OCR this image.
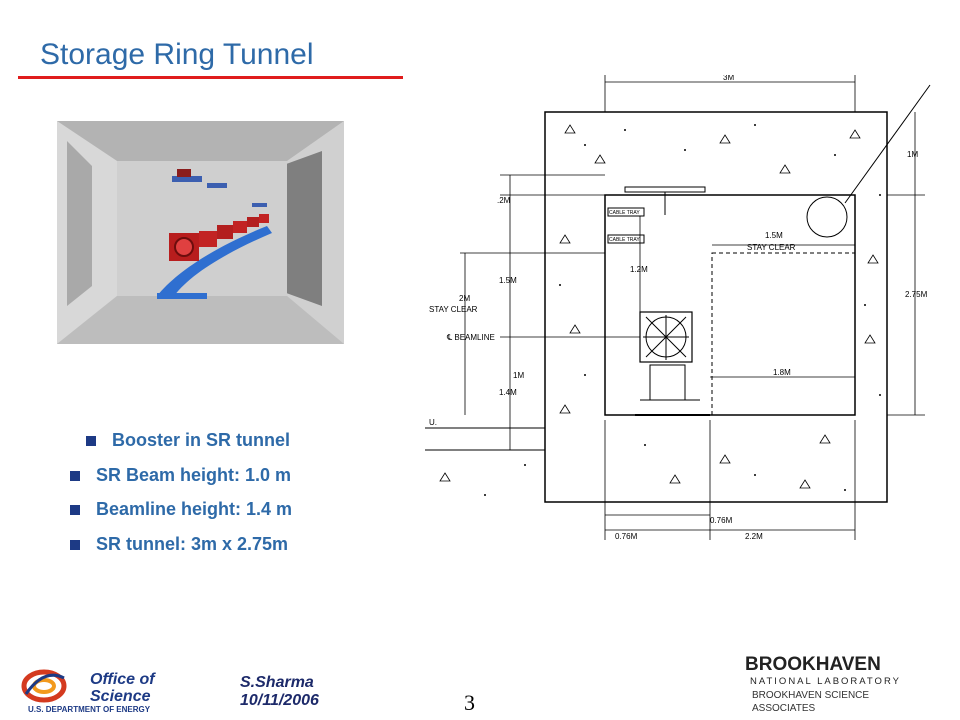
Storage Ring Tunnel
Booster in SR tunnel
SR Beam height: 1.0 m
Beamline height: 1.4 m
SR tunnel: 3m x 2.75m
3M
1M
2.75M
.2M
1.5M
STAY CLEAR
CABLE TRAY
CABLE TRAY
1.2M
1.5M
2M
STAY CLEAR
℄ BEAMLINE
1M
1.4M
1.8M
U.
0.76M
0.76M
2.2M
Office of
Science
U.S. DEPARTMENT OF ENERGY
S.Sharma
10/11/2006	3
BROOKHAVEN
NATIONAL LABORATORY
BROOKHAVEN SCIENCE
ASSOCIATES
